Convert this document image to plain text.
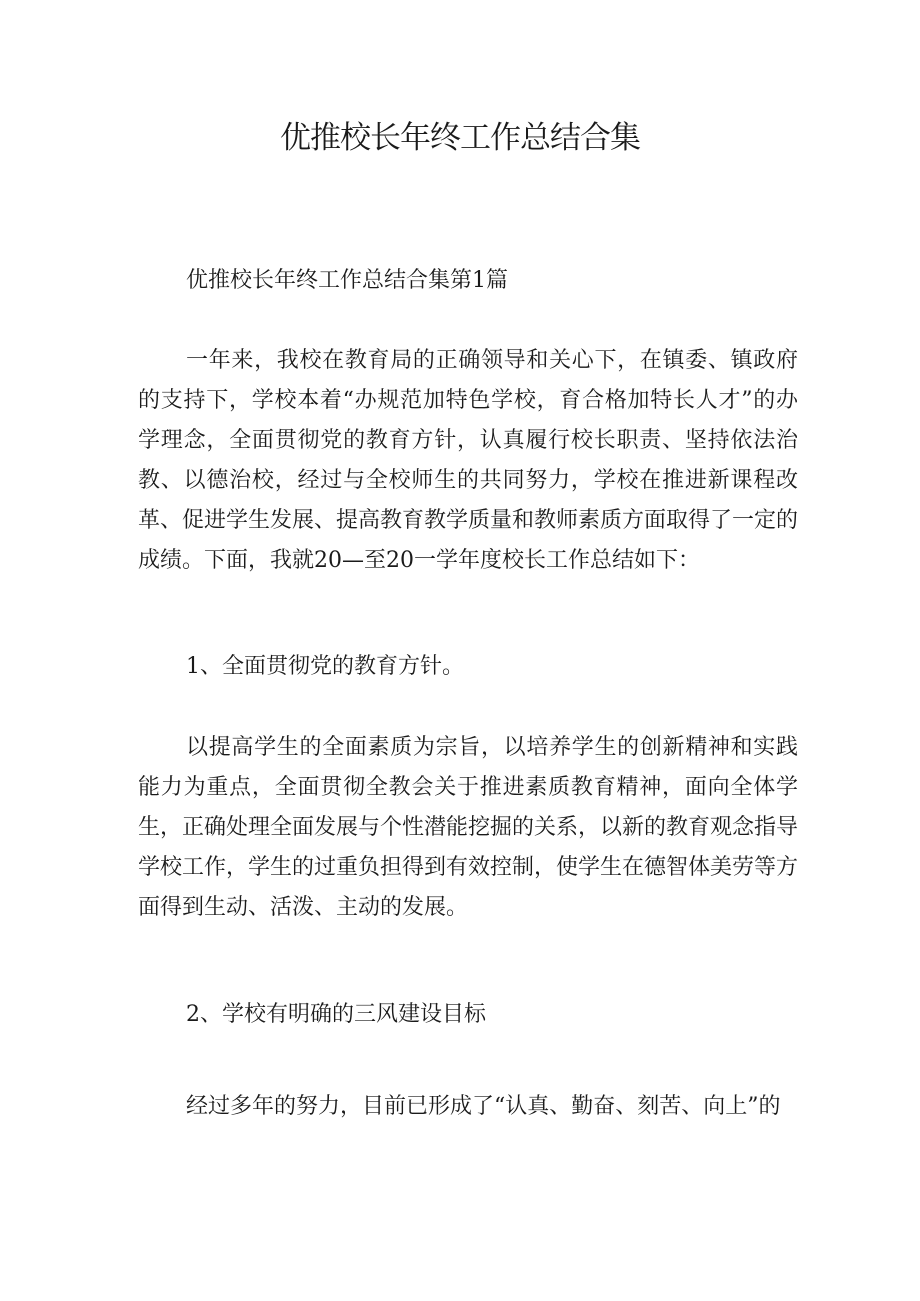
优推校长年终工作总结合集

优推校长年终工作总结合集第1篇

一年来，我校在教育局的正确领导和关心下，在镇委、镇政府的支持下，学校本着“办规范加特色学校，育合格加特长人才”的办学理念，全面贯彻党的教育方针，认真履行校长职责、坚持依法治教、以德治校，经过与全校师生的共同努力，学校在推进新课程改革、促进学生发展、提高教育教学质量和教师素质方面取得了一定的成绩。下面，我就20—至20一学年度校长工作总结如下：

1、全面贯彻党的教育方针。

以提高学生的全面素质为宗旨，以培养学生的创新精神和实践能力为重点，全面贯彻全教会关于推进素质教育精神，面向全体学生，正确处理全面发展与个性潜能挖掘的关系，以新的教育观念指导学校工作，学生的过重负担得到有效控制，使学生在德智体美劳等方面得到生动、活泼、主动的发展。

2、学校有明确的三风建设目标

经过多年的努力，目前已形成了“认真、勤奋、刻苦、向上”的
